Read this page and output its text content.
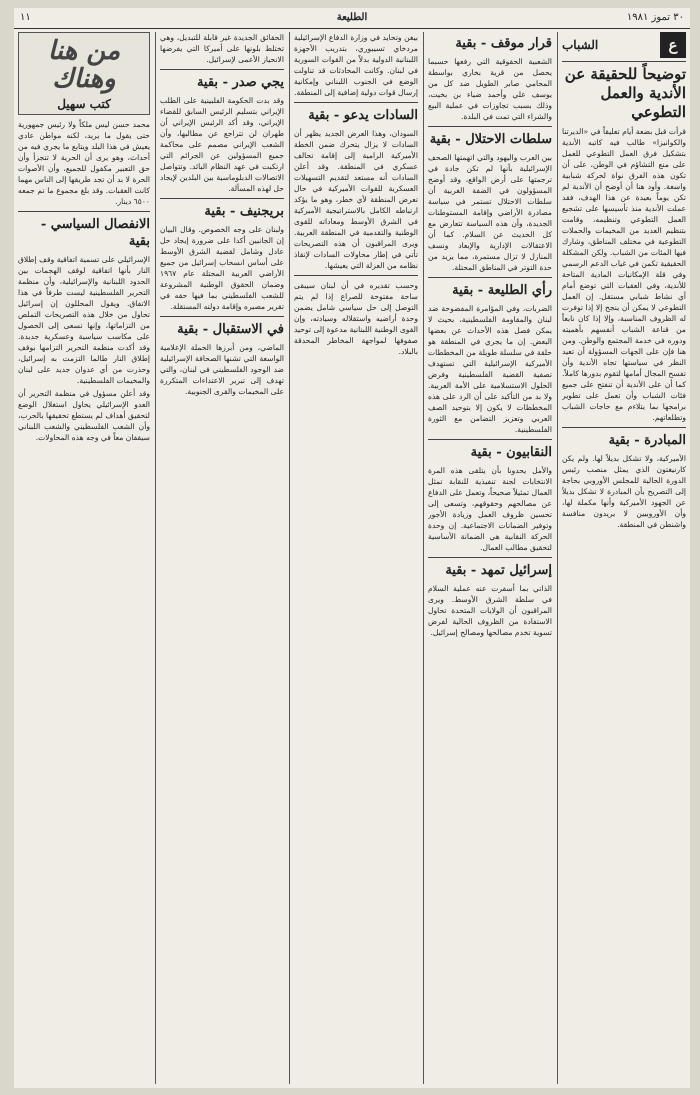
٣٠ تموز ١٩٨١
الطليعة
١١
ع
الشباب
توضيحاً للحقيقة عن الأندية والعمل التطوعي

قرأت قبل بضعة أيام تعليقاً في «الديرتنا والكوانيزا» طالب فيه كاتبه الأندية بتشكيل فرق العمل التطوعي للعمل على منع التشاؤم في الوطن، على أن تكون هذه الفرق نواة لحركة شبابية واسعة. وأود هنا أن أوضح أن الأندية لم تكن يوماً بعيدة عن هذا الهدف، فقد عملت الأندية منذ تأسيسها على تشجيع العمل التطوعي وتنظيمه، وقامت بتنظيم العديد من المخيمات والحملات التطوعية في مختلف المناطق، وشارك فيها المئات من الشباب. ولكن المشكلة الحقيقية تكمن في غياب الدعم الرسمي وفي قلة الإمكانيات المادية المتاحة للأندية، وفي العقبات التي توضع أمام أي نشاط شبابي مستقل. إن العمل التطوعي لا يمكن أن ينجح إلا إذا توفرت له الظروف المناسبة، وإلا إذا كان نابعاً من قناعة الشباب أنفسهم بأهميته ودوره في خدمة المجتمع والوطن. ومن هنا فإن على الجهات المسؤولة أن تعيد النظر في سياستها تجاه الأندية وأن تفسح المجال أمامها لتقوم بدورها كاملاً. كما أن على الأندية أن تنفتح على جميع فئات الشباب وأن تعمل على تطوير برامجها بما يتلاءم مع حاجات الشباب وتطلعاتهم.

المبادرة - بقية

الأميركية، ولا تشكل بديلاً لها. ولم يكن كارنيغتون الذي يمثل منصب رئيس الدورة الحالية للمجلس الأوروبي بحاجة إلى التصريح بأن المبادرة لا تشكل بديلاً عن الجهود الأميركية وأنها مكملة لها، وأن الأوروبيين لا يريدون منافسة واشنطن في المنطقة.

قرار موقف - بقية

الشعبية الحقوقية التي رفعها حسبما يحصل من قرية بخاري بواسطة المحامي صابر الطويل ضد كل من يوسف علي وأحمد ضياء بن بخيت، وذلك بسبب تجاوزات في عملية البيع والشراء التي تمت في البلدة.

سلطات الاحتلال - بقية

بين العرب واليهود والتي اتهمتها الصحف الإسرائيلية بأنها لم تكن جادة في ترجمتها على أرض الواقع، وقد أوضح المسؤولون في الضفة الغربية أن سلطات الاحتلال تستمر في سياسة مصادرة الأراضي وإقامة المستوطنات الجديدة، وأن هذه السياسة تتعارض مع كل الحديث عن السلام. كما أن الاعتقالات الإدارية والإبعاد ونسف المنازل لا تزال مستمرة، مما يزيد من حدة التوتر في المناطق المحتلة.

رأي الطليعة - بقية

الضربات، وفي المؤامرة المفضوحة ضد لبنان والمقاومة الفلسطينية، بحيث لا يمكن فصل هذه الأحداث عن بعضها البعض. إن ما يجري في المنطقة هو حلقة في سلسلة طويلة من المخططات الأميركية الإسرائيلية التي تستهدف تصفية القضية الفلسطينية وفرض الحلول الاستسلامية على الأمة العربية. ولا بد من التأكيد على أن الرد على هذه المخططات لا يكون إلا بتوحيد الصف العربي وتعزيز التضامن مع الثورة الفلسطينية.

النقابيون - بقية

والأمل يحدونا بأن يتلقى هذه المرة الانتخابات لجنة تنفيذية للنقابة تمثل العمال تمثيلاً صحيحاً، وتعمل على الدفاع عن مصالحهم وحقوقهم، وتسعى إلى تحسين ظروف العمل وزيادة الأجور وتوفير الضمانات الاجتماعية. إن وحدة الحركة النقابية هي الضمانة الأساسية لتحقيق مطالب العمال.

إسرائيل تمهد - بقية

الذاتي بما أسفرت عنه عملية السلام في سلطة الشرق الأوسط. ويرى المراقبون أن الولايات المتحدة تحاول الاستفادة من الظروف الحالية لفرض تسوية تخدم مصالحها ومصالح إسرائيل.

بيغن وتحايد في وزارة الدفاع الإسرائيلية مردخاي تسيبوري، بتدريب الأجهزة اللبنانية الدولية بدلاً من القوات السورية في لبنان. وكانت المحادثات قد تناولت الوضع في الجنوب اللبناني وإمكانية إرسال قوات دولية إضافية إلى المنطقة.

السادات يدعو - بقية

السودان، وهذا العرض الجديد يظهر أن السادات لا يزال يتحرك ضمن الخطة الأميركية الرامية إلى إقامة تحالف عسكري في المنطقة. وقد أعلن السادات أنه مستعد لتقديم التسهيلات العسكرية للقوات الأميركية في حال تعرض المنطقة لأي خطر، وهو ما يؤكد ارتباطه الكامل بالاستراتيجية الأميركية في الشرق الأوسط ومعاداته للقوى الوطنية والتقدمية في المنطقة العربية. ويرى المراقبون أن هذه التصريحات تأتي في إطار محاولات السادات لإنقاذ نظامه من العزلة التي يعيشها.

وحسب تقديره في أن لبنان سيبقى ساحة مفتوحة للصراع إذا لم يتم التوصل إلى حل سياسي شامل يضمن وحدة أراضيه واستقلاله وسيادته، وإن القوى الوطنية اللبنانية مدعوة إلى توحيد صفوفها لمواجهة المخاطر المحدقة بالبلاد.

الحقائق الجديدة غير قابلة للتبديل، وهي تختلط بلونها على أميركا التي يفرضها الانحياز الأعمى لإسرائيل.

يجي صدر - بقية

وقد بدت الحكومة الفلبينية على الطلب الإيراني بتسليم الرئيس السابق للقضاء الإيراني، وقد أكد الرئيس الإيراني أن طهران لن تتراجع عن مطالبها، وأن الشعب الإيراني مصمم على محاكمة جميع المسؤولين عن الجرائم التي ارتكبت في عهد النظام البائد. وتتواصل الاتصالات الدبلوماسية بين البلدين لإيجاد حل لهذه المسألة.

بريجنيف - بقية

ولبنان على وجه الخصوص. وقال البيان إن الجانبين أكدا على ضرورة إيجاد حل عادل وشامل لقضية الشرق الأوسط على أساس انسحاب إسرائيل من جميع الأراضي العربية المحتلة عام ١٩٦٧ وضمان الحقوق الوطنية المشروعة للشعب الفلسطيني بما فيها حقه في تقرير مصيره وإقامة دولته المستقلة.

في الاستقبال - بقية

الماضي، ومن أبرزها الحملة الإعلامية الواسعة التي تشنها الصحافة الإسرائيلية ضد الوجود الفلسطيني في لبنان، والتي تهدف إلى تبرير الاعتداءات المتكررة على المخيمات والقرى الجنوبية.

من هنا وهناك
كتب سهيل

محمد حسن ليس ملكاً ولا رئيس جمهورية حتى يقول ما يريد، لكنه مواطن عادي يعيش في هذا البلد ويتابع ما يجري فيه من أحداث، وهو يرى أن الحرية لا تتجزأ وأن حق التعبير مكفول للجميع، وأن الأصوات الحرة لا بد أن تجد طريقها إلى الناس مهما كانت العقبات. وقد بلغ مجموع ما تم جمعه ٦٥٠٠ دينار.

الانفصال السياسي - بقية

الإسرائيلي على تسمية اتفاقية وقف إطلاق النار بأنها اتفاقية لوقف الهجمات بين الحدود اللبنانية والإسرائيلية، وأن منظمة التحرير الفلسطينية ليست طرفاً في هذا الاتفاق. ويقول المحللون إن إسرائيل تحاول من خلال هذه التصريحات التملص من التزاماتها، وإنها تسعى إلى الحصول على مكاسب سياسية وعسكرية جديدة. وقد أكدت منظمة التحرير التزامها بوقف إطلاق النار طالما التزمت به إسرائيل، وحذرت من أي عدوان جديد على لبنان والمخيمات الفلسطينية.

وقد أعلن مسؤول في منظمة التحرير أن العدو الإسرائيلي يحاول استغلال الوضع لتحقيق أهداف لم يستطع تحقيقها بالحرب، وأن الشعب الفلسطيني والشعب اللبناني سيقفان معاً في وجه هذه المحاولات.
